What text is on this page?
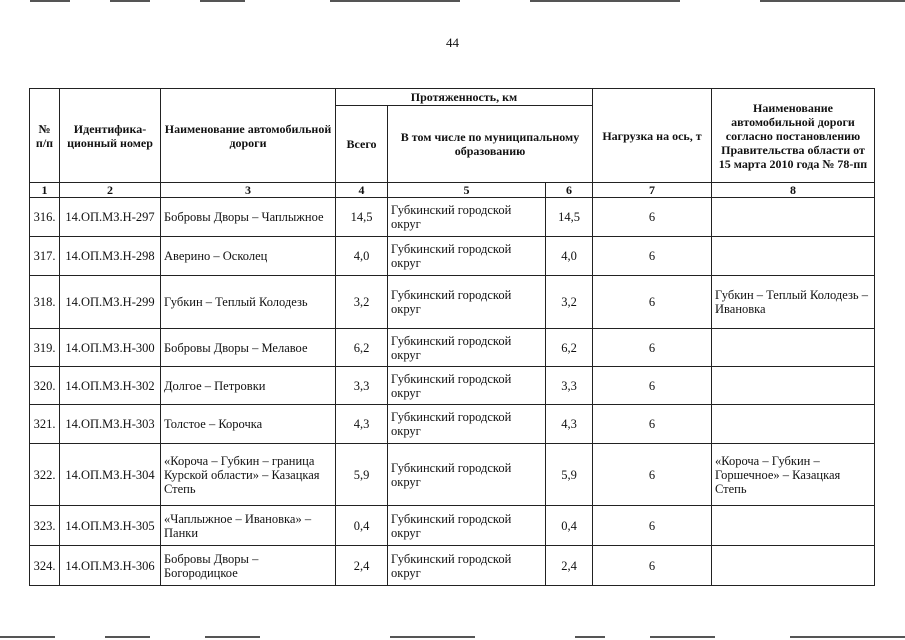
44
№ п/п	Идентифика-ционный номер	Наименование автомобильной дороги	Протяженность, км			Нагрузка на ось, т	Наименование автомобильной дороги согласно постановлению Правительства области от 15 марта 2010 года № 78-пп
			Всего	В том числе по муниципальному образованию			
1	2	3	4	5	6	7	8
316.	14.ОП.МЗ.Н-297	Бобровы Дворы – Чаплыжное	14,5	Губкинский городской округ	14,5	6	
317.	14.ОП.МЗ.Н-298	Аверино – Осколец	4,0	Губкинский городской округ	4,0	6	
318.	14.ОП.МЗ.Н-299	Губкин – Теплый Колодезь	3,2	Губкинский городской округ	3,2	6	Губкин – Теплый Колодезь – Ивановка
319.	14.ОП.МЗ.Н-300	Бобровы Дворы – Мелавое	6,2	Губкинский городской округ	6,2	6	
320.	14.ОП.МЗ.Н-302	Долгое – Петровки	3,3	Губкинский городской округ	3,3	6	
321.	14.ОП.МЗ.Н-303	Толстое – Корочка	4,3	Губкинский городской округ	4,3	6	
322.	14.ОП.МЗ.Н-304	«Короча – Губкин – граница Курской области» – Казацкая Степь	5,9	Губкинский городской округ	5,9	6	«Короча – Губкин – Горшечное» – Казацкая Степь
323.	14.ОП.МЗ.Н-305	«Чаплыжное – Ивановка» – Панки	0,4	Губкинский городской округ	0,4	6	
324.	14.ОП.МЗ.Н-306	Бобровы Дворы – Богородицкое	2,4	Губкинский городской округ	2,4	6	
